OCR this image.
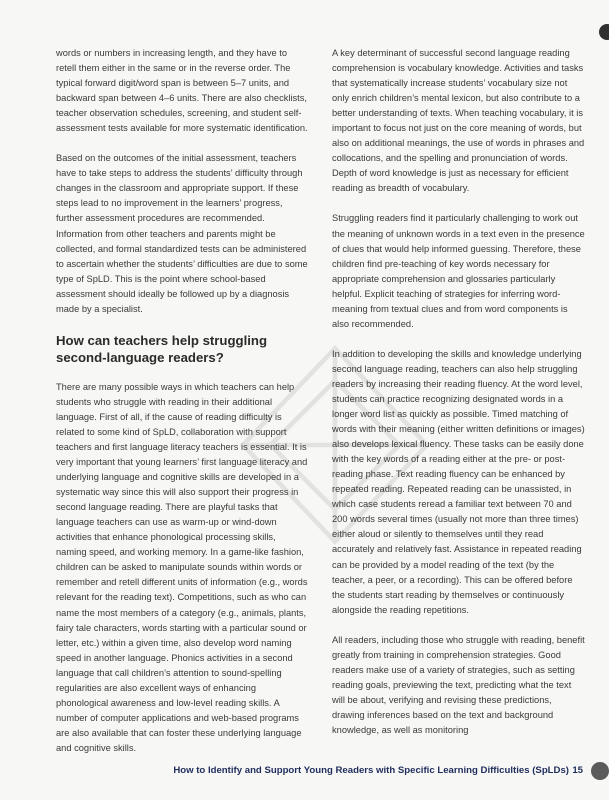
words or numbers in increasing length, and they have to retell them either in the same or in the reverse order. The typical forward digit/word span is between 5–7 units, and backward span between 4–6 units. There are also checklists, teacher observation schedules, screening, and student self-assessment tests available for more systematic identification.

Based on the outcomes of the initial assessment, teachers have to take steps to address the students’ difficulty through changes in the classroom and appropriate support. If these steps lead to no improvement in the learners’ progress, further assessment procedures are recommended. Information from other teachers and parents might be collected, and formal standardized tests can be administered to ascertain whether the students’ difficulties are due to some type of SpLD. This is the point where school-based assessment should ideally be followed up by a diagnosis made by a specialist.

How can teachers help struggling second-language readers?

There are many possible ways in which teachers can help students who struggle with reading in their additional language. First of all, if the cause of reading difficulty is related to some kind of SpLD, collaboration with support teachers and first language literacy teachers is essential. It is very important that young learners’ first language literacy and underlying language and cognitive skills are developed in a systematic way since this will also support their progress in second language reading. There are playful tasks that language teachers can use as warm-up or wind-down activities that enhance phonological processing skills, naming speed, and working memory. In a game-like fashion, children can be asked to manipulate sounds within words or remember and retell different units of information (e.g., words relevant for the reading text). Competitions, such as who can name the most members of a category (e.g., animals, plants, fairy tale characters, words starting with a particular sound or letter, etc.) within a given time, also develop word naming speed in another language. Phonics activities in a second language that call children’s attention to sound-spelling regularities are also excellent ways of enhancing phonological awareness and low-level reading skills. A number of computer applications and web-based programs are also available that can foster these underlying language and cognitive skills.

A key determinant of successful second language reading comprehension is vocabulary knowledge. Activities and tasks that systematically increase students’ vocabulary size not only enrich children’s mental lexicon, but also contribute to a better understanding of texts. When teaching vocabulary, it is important to focus not just on the core meaning of words, but also on additional meanings, the use of words in phrases and collocations, and the spelling and pronunciation of words. Depth of word knowledge is just as necessary for efficient reading as breadth of vocabulary.

Struggling readers find it particularly challenging to work out the meaning of unknown words in a text even in the presence of clues that would help informed guessing. Therefore, these children find pre-teaching of key words necessary for appropriate comprehension and glossaries particularly helpful. Explicit teaching of strategies for inferring word-meaning from textual clues and from word components is also recommended.

In addition to developing the skills and knowledge underlying second language reading, teachers can also help struggling readers by increasing their reading fluency. At the word level, students can practice recognizing designated words in a longer word list as quickly as possible. Timed matching of words with their meaning (either written definitions or images) also develops lexical fluency. These tasks can be easily done with the key words of a reading either at the pre- or post-reading phase. Text reading fluency can be enhanced by repeated reading. Repeated reading can be unassisted, in which case students reread a familiar text between 70 and 200 words several times (usually not more than three times) either aloud or silently to themselves until they read accurately and relatively fast. Assistance in repeated reading can be provided by a model reading of the text (by the teacher, a peer, or a recording). This can be offered before the students start reading by themselves or continuously alongside the reading repetitions.

All readers, including those who struggle with reading, benefit greatly from training in comprehension strategies. Good readers make use of a variety of strategies, such as setting reading goals, previewing the text, predicting what the text will be about, verifying and revising these predictions, drawing inferences based on the text and background knowledge, as well as monitoring

How to Identify and Support Young Readers with Specific Learning Difficulties (SpLDs) 15
